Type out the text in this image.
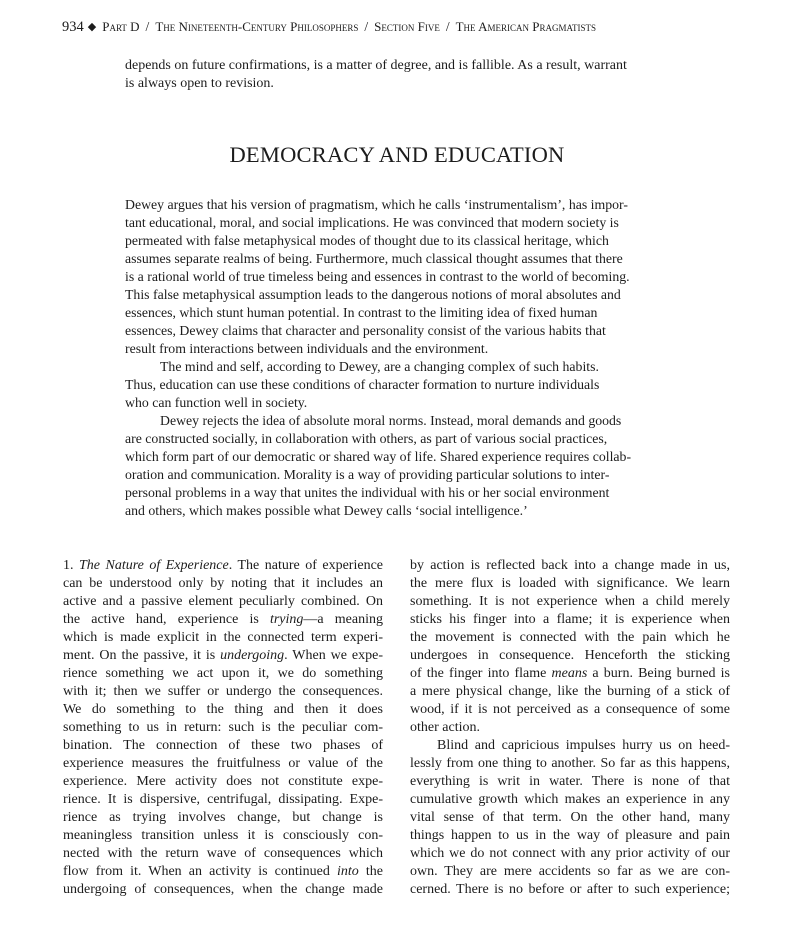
934 ◆ Part D / The Nineteenth-Century Philosophers / Section Five / The American Pragmatists
depends on future confirmations, is a matter of degree, and is fallible. As a result, warrant
is always open to revision.
DEMOCRACY AND EDUCATION
Dewey argues that his version of pragmatism, which he calls ‘instrumentalism’, has impor-
tant educational, moral, and social implications. He was convinced that modern society is
permeated with false metaphysical modes of thought due to its classical heritage, which
assumes separate realms of being. Furthermore, much classical thought assumes that there
is a rational world of true timeless being and essences in contrast to the world of becoming.
This false metaphysical assumption leads to the dangerous notions of moral absolutes and
essences, which stunt human potential. In contrast to the limiting idea of fixed human
essences, Dewey claims that character and personality consist of the various habits that
result from interactions between individuals and the environment.
The mind and self, according to Dewey, are a changing complex of such habits.
Thus, education can use these conditions of character formation to nurture individuals
who can function well in society.
Dewey rejects the idea of absolute moral norms. Instead, moral demands and goods
are constructed socially, in collaboration with others, as part of various social practices,
which form part of our democratic or shared way of life. Shared experience requires collab-
oration and communication. Morality is a way of providing particular solutions to inter-
personal problems in a way that unites the individual with his or her social environment
and others, which makes possible what Dewey calls ‘social intelligence.’
1. The Nature of Experience. The nature of experience
can be understood only by noting that it includes an
active and a passive element peculiarly combined. On
the active hand, experience is trying—a meaning
which is made explicit in the connected term experi-
ment. On the passive, it is undergoing. When we expe-
rience something we act upon it, we do something
with it; then we suffer or undergo the consequences.
We do something to the thing and then it does
something to us in return: such is the peculiar com-
bination. The connection of these two phases of
experience measures the fruitfulness or value of the
experience. Mere activity does not constitute expe-
rience. It is dispersive, centrifugal, dissipating. Expe-
rience as trying involves change, but change is
meaningless transition unless it is consciously con-
nected with the return wave of consequences which
flow from it. When an activity is continued into the
undergoing of consequences, when the change made
by action is reflected back into a change made in us,
the mere flux is loaded with significance. We learn
something. It is not experience when a child merely
sticks his finger into a flame; it is experience when
the movement is connected with the pain which he
undergoes in consequence. Henceforth the sticking
of the finger into flame means a burn. Being burned is
a mere physical change, like the burning of a stick of
wood, if it is not perceived as a consequence of some
other action.
Blind and capricious impulses hurry us on heed-
lessly from one thing to another. So far as this happens,
everything is writ in water. There is none of that
cumulative growth which makes an experience in any
vital sense of that term. On the other hand, many
things happen to us in the way of pleasure and pain
which we do not connect with any prior activity of our
own. They are mere accidents so far as we are con-
cerned. There is no before or after to such experience;
